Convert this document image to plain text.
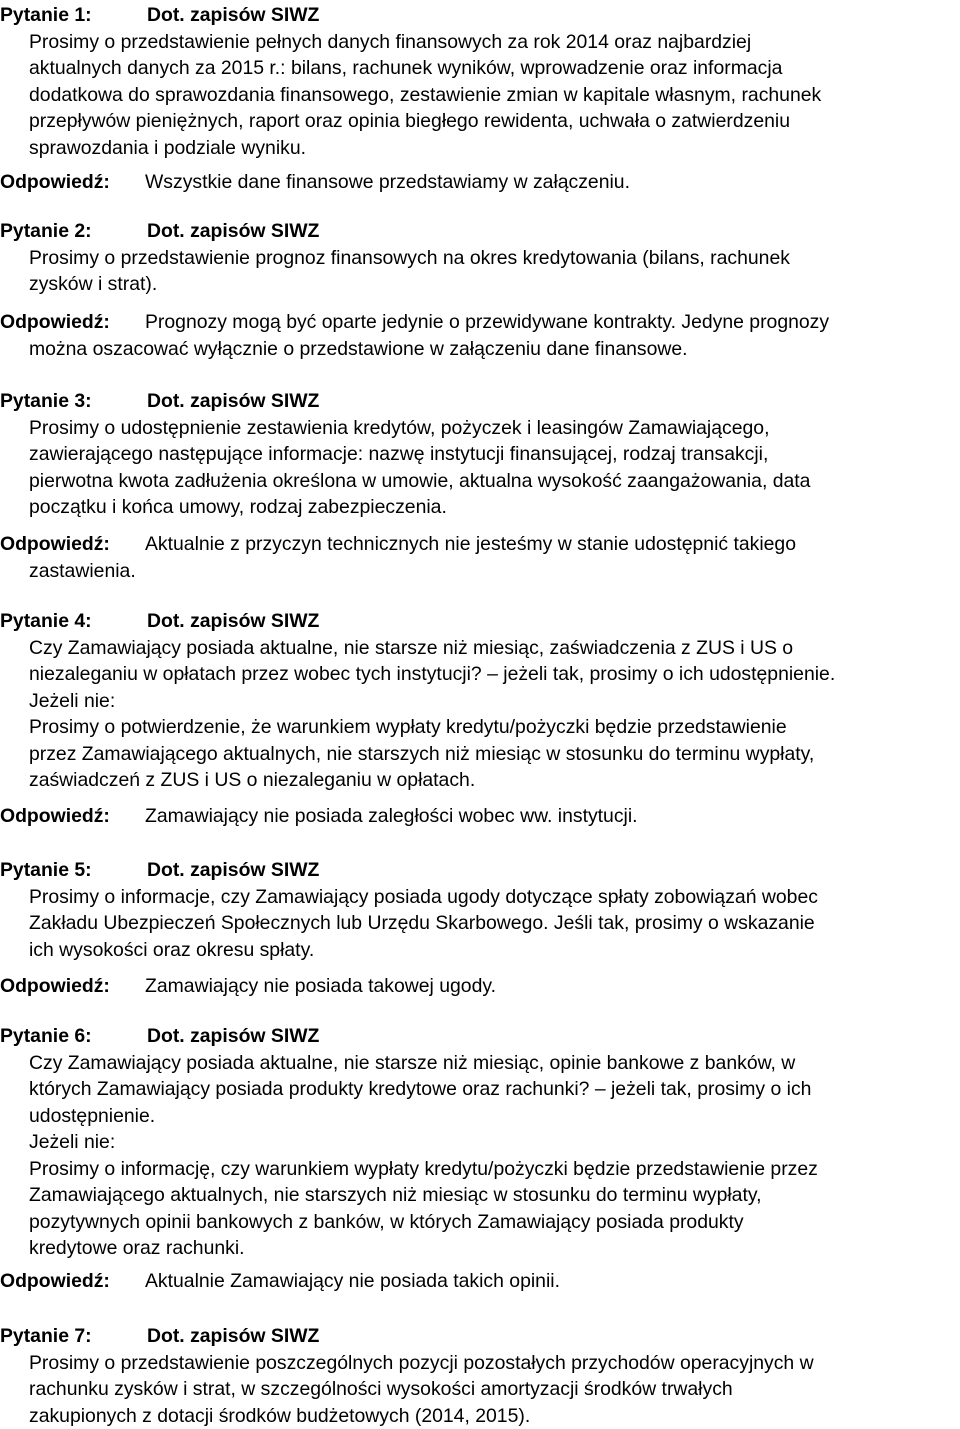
Pytanie 1:	Dot. zapisów SIWZ
Prosimy o przedstawienie pełnych danych finansowych za rok 2014 oraz najbardziej
aktualnych danych za 2015 r.: bilans, rachunek wyników, wprowadzenie oraz informacja
dodatkowa do sprawozdania finansowego, zestawienie zmian w kapitale własnym, rachunek
przepływów pieniężnych, raport oraz opinia biegłego rewidenta, uchwała o zatwierdzeniu
sprawozdania i podziale wyniku.
Odpowiedź:	Wszystkie dane finansowe przedstawiamy w załączeniu.
Pytanie 2:	Dot. zapisów SIWZ
Prosimy o przedstawienie prognoz finansowych na okres kredytowania (bilans, rachunek
zysków i strat).
Odpowiedź:	Prognozy mogą być oparte jedynie o przewidywane kontrakty. Jedyne prognozy
można oszacować wyłącznie o przedstawione w załączeniu dane finansowe.
Pytanie 3:	Dot. zapisów SIWZ
Prosimy o udostępnienie zestawienia kredytów, pożyczek i leasingów Zamawiającego,
zawierającego następujące informacje: nazwę instytucji finansującej, rodzaj transakcji,
pierwotna kwota zadłużenia określona w umowie, aktualna wysokość zaangażowania, data
początku i końca umowy, rodzaj zabezpieczenia.
Odpowiedź:	Aktualnie z przyczyn technicznych nie jesteśmy w stanie udostępnić takiego
zastawienia.
Pytanie 4:	Dot. zapisów SIWZ
Czy Zamawiający posiada aktualne, nie starsze niż miesiąc, zaświadczenia z ZUS i US o
niezaleganiu w opłatach przez wobec tych instytucji? – jeżeli tak, prosimy o ich udostępnienie.
Jeżeli nie:
Prosimy o potwierdzenie, że warunkiem wypłaty kredytu/pożyczki będzie przedstawienie
przez Zamawiającego aktualnych, nie starszych niż miesiąc w stosunku do terminu wypłaty,
zaświadczeń z ZUS i US o niezaleganiu w opłatach.
Odpowiedź:	Zamawiający nie posiada zaległości wobec ww. instytucji.
Pytanie 5:	Dot. zapisów SIWZ
Prosimy o informacje, czy Zamawiający posiada ugody dotyczące spłaty zobowiązań wobec
Zakładu Ubezpieczeń Społecznych lub Urzędu Skarbowego. Jeśli tak, prosimy o wskazanie
ich wysokości oraz okresu spłaty.
Odpowiedź:	Zamawiający nie posiada takowej ugody.
Pytanie 6:	Dot. zapisów SIWZ
Czy Zamawiający posiada aktualne, nie starsze niż miesiąc, opinie bankowe z banków, w
których Zamawiający posiada produkty kredytowe oraz rachunki? – jeżeli tak, prosimy o ich
udostępnienie.
Jeżeli nie:
Prosimy o informację, czy warunkiem wypłaty kredytu/pożyczki będzie przedstawienie przez
Zamawiającego aktualnych, nie starszych niż miesiąc w stosunku do terminu wypłaty,
pozytywnych opinii bankowych z banków, w których Zamawiający posiada produkty
kredytowe oraz rachunki.
Odpowiedź:	Aktualnie Zamawiający nie posiada takich opinii.
Pytanie 7:	Dot. zapisów SIWZ
Prosimy o przedstawienie poszczególnych pozycji pozostałych przychodów operacyjnych w
rachunku zysków i strat, w szczególności wysokości amortyzacji środków trwałych
zakupionych z dotacji środków budżetowych (2014, 2015).
